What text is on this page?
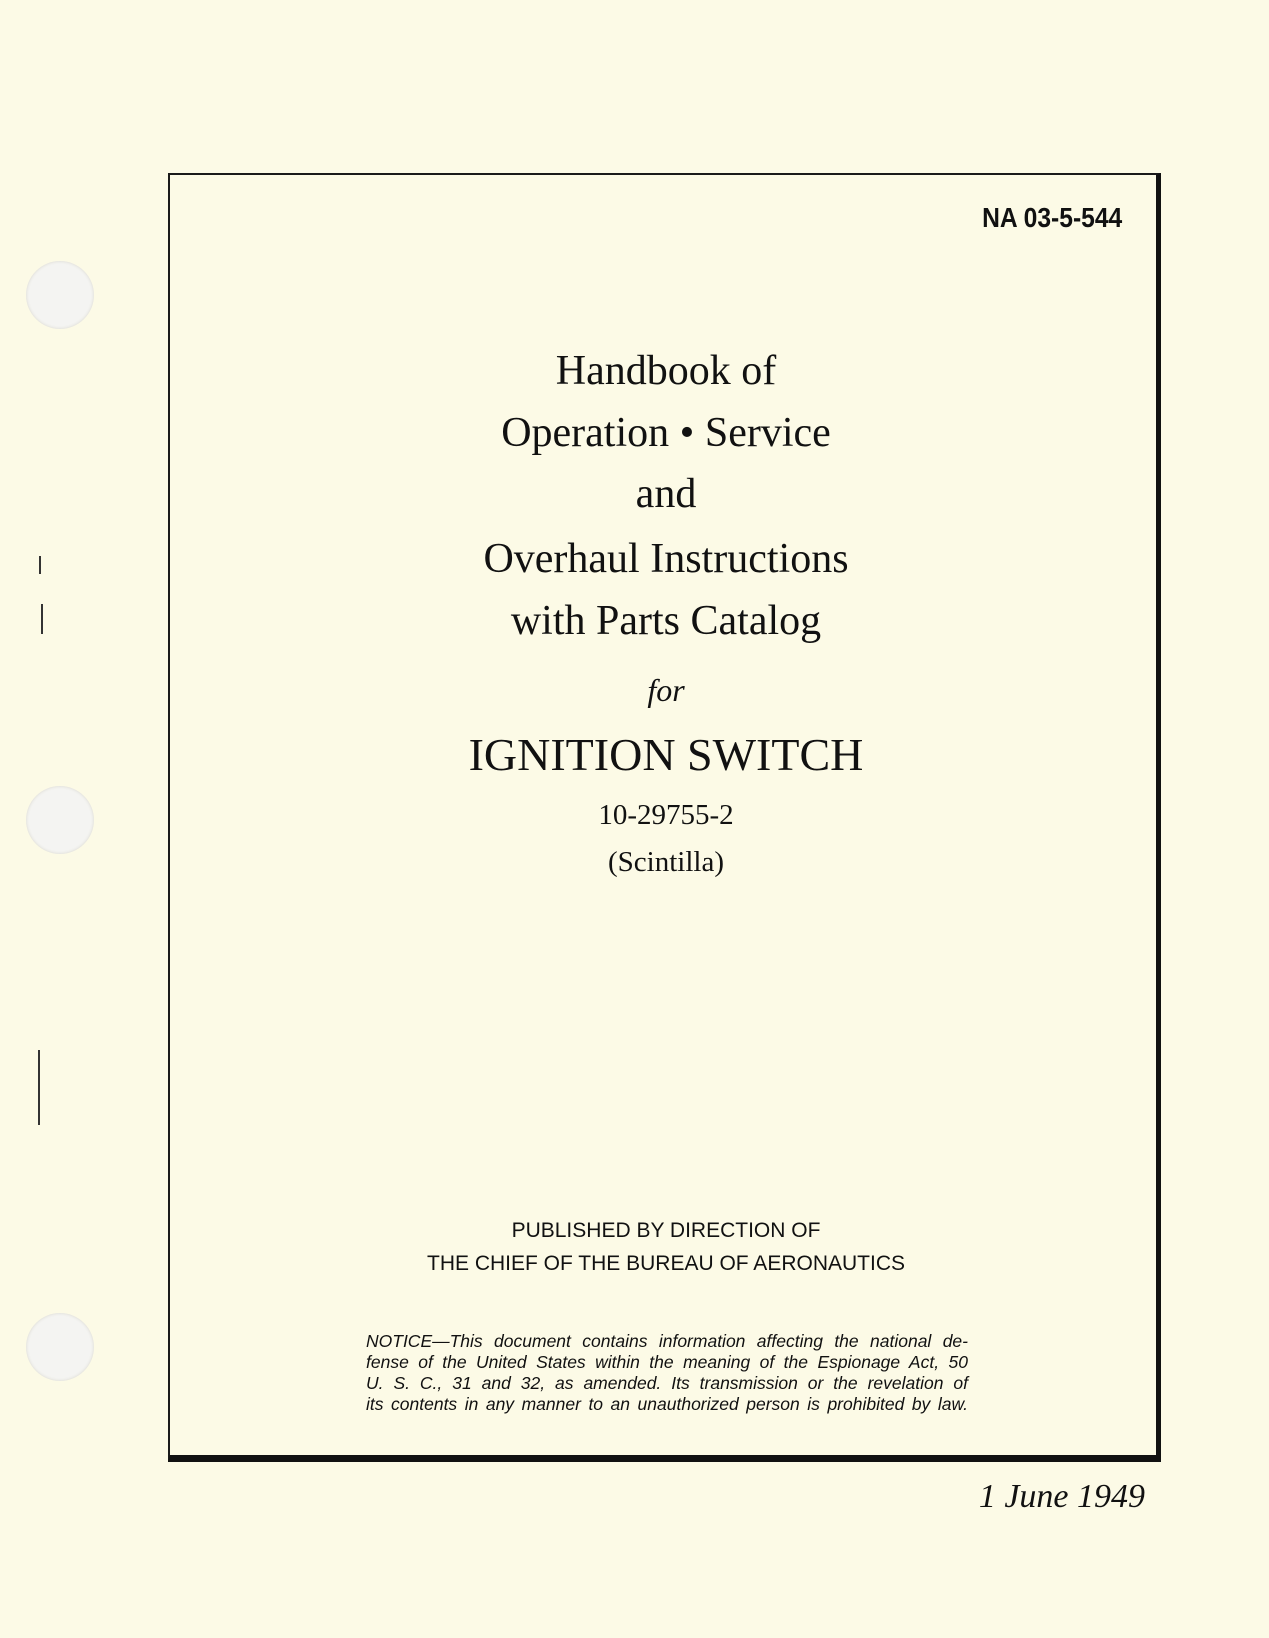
NA 03-5-544
Handbook of
Operation • Service
and
Overhaul Instructions
with Parts Catalog
for
IGNITION SWITCH
10-29755-2
(Scintilla)
PUBLISHED BY DIRECTION OF
THE CHIEF OF THE BUREAU OF AERONAUTICS
NOTICE—This document contains information affecting the national de-
fense of the United States within the meaning of the Espionage Act, 50
U. S. C., 31 and 32, as amended. Its transmission or the revelation of
its contents in any manner to an unauthorized person is prohibited by law.
1 June 1949
